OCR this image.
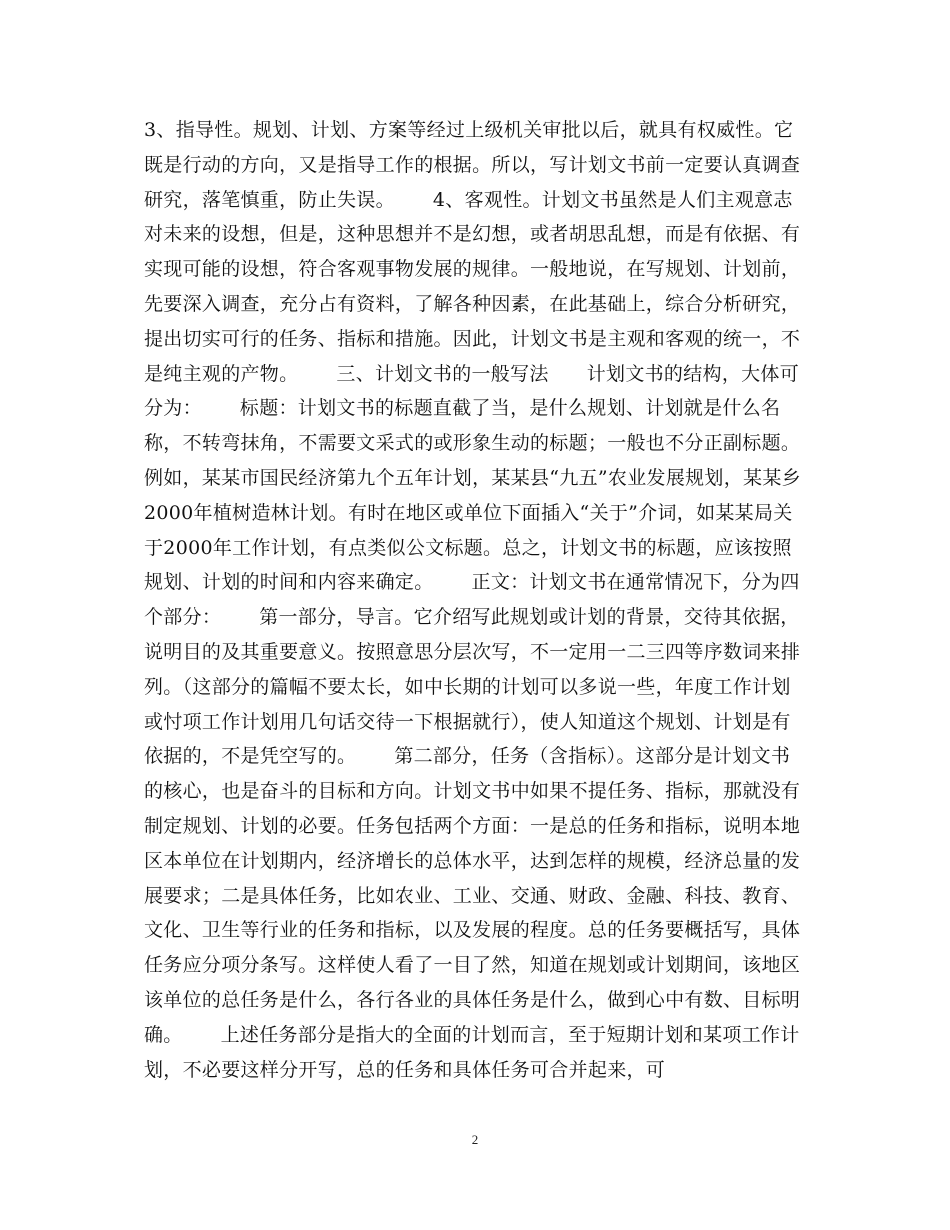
3、指导性。规划、计划、方案等经过上级机关审批以后，就具有权威性。它既是行动的方向，又是指导工作的根据。所以，写计划文书前一定要认真调查研究，落笔慎重，防止失误。 4、客观性。计划文书虽然是人们主观意志对未来的设想，但是，这种思想并不是幻想，或者胡思乱想，而是有依据、有实现可能的设想，符合客观事物发展的规律。一般地说，在写规划、计划前，先要深入调查，充分占有资料，了解各种因素，在此基础上，综合分析研究，提出切实可行的任务、指标和措施。因此，计划文书是主观和客观的统一，不是纯主观的产物。 三、计划文书的一般写法 计划文书的结构，大体可分为： 标题：计划文书的标题直截了当，是什么规划、计划就是什么名称，不转弯抹角，不需要文采式的或形象生动的标题；一般也不分正副标题。例如，某某市国民经济第九个五年计划，某某县“九五”农业发展规划，某某乡2000年植树造林计划。有时在地区或单位下面插入“关于”介词，如某某局关于2000年工作计划，有点类似公文标题。总之，计划文书的标题，应该按照规划、计划的时间和内容来确定。 正文：计划文书在通常情况下，分为四个部分： 第一部分，导言。它介绍写此规划或计划的背景，交待其依据，说明目的及其重要意义。按照意思分层次写，不一定用一二三四等序数词来排列。（这部分的篇幅不要太长，如中长期的计划可以多说一些，年度工作计划或忖项工作计划用几句话交待一下根据就行），使人知道这个规划、计划是有依据的，不是凭空写的。 第二部分，任务（含指标）。这部分是计划文书的核心，也是奋斗的目标和方向。计划文书中如果不提任务、指标，那就没有制定规划、计划的必要。任务包括两个方面：一是总的任务和指标，说明本地区本单位在计划期内，经济增长的总体水平，达到怎样的规模，经济总量的发展要求；二是具体任务，比如农业、工业、交通、财政、金融、科技、教育、文化、卫生等行业的任务和指标，以及发展的程度。总的任务要概括写，具体任务应分项分条写。这样使人看了一目了然，知道在规划或计划期间，该地区该单位的总任务是什么，各行各业的具体任务是什么，做到心中有数、目标明确。 上述任务部分是指大的全面的计划而言，至于短期计划和某项工作计划，不必要这样分开写，总的任务和具体任务可合并起来，可

2
